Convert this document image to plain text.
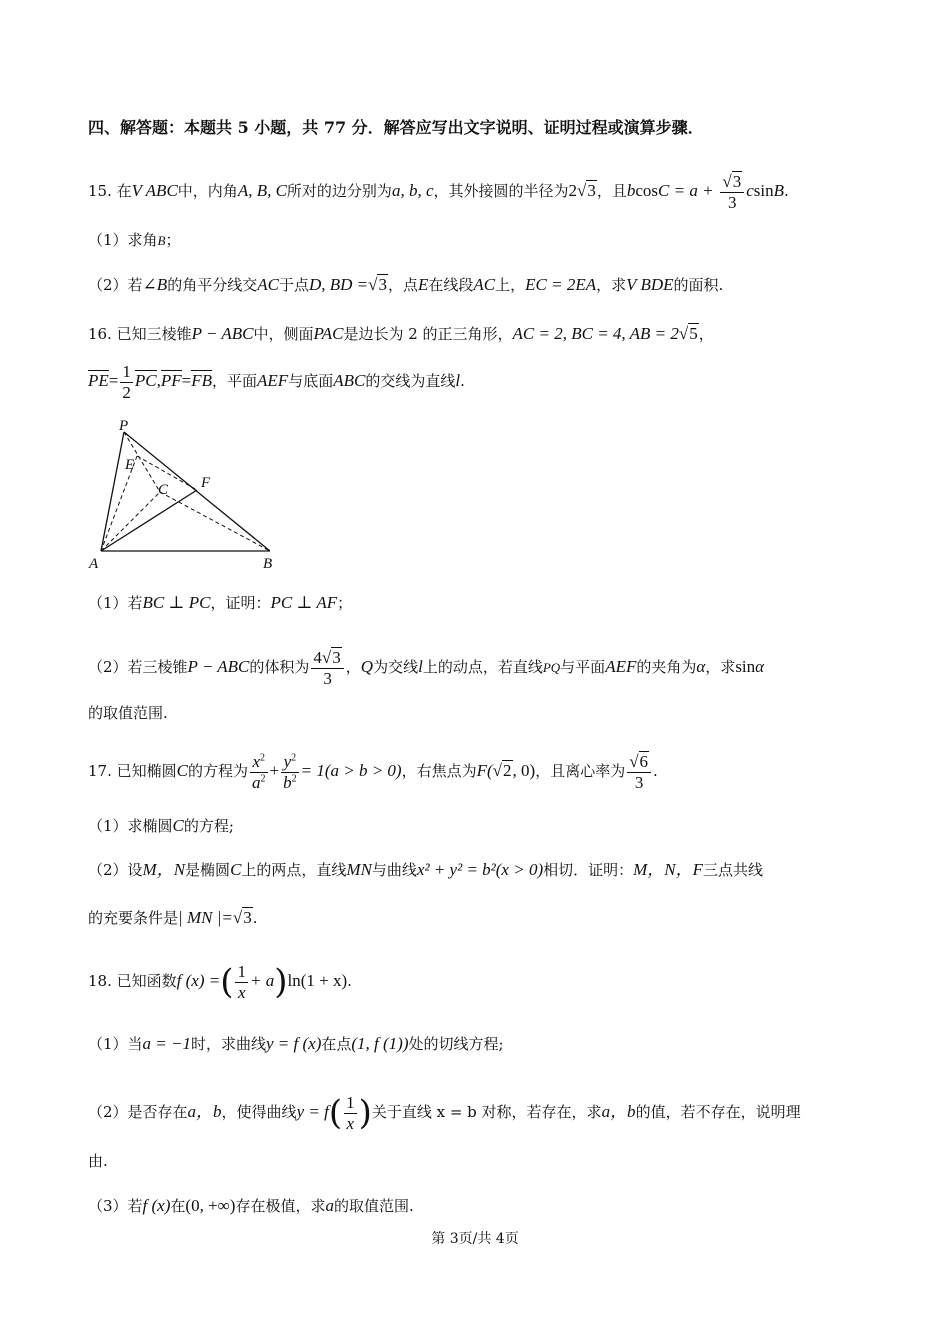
四、解答题：本题共 5 小题，共 77 分．解答应写出文字说明、证明过程或演算步骤．
15. 在V ABC中，内角A, B, C所对的边分别为a, b, c，其外接圆的半径为2√3，且$bcosC = a + \frac{√3}{3} csinB$.
（1）求角B；
（2）若∠B的角平分线交AC于点D, BD =√3，点E在线段AC上，EC = 2EA，求V BDE的面积.
16. 已知三棱锥P − ABC中，侧面PAC是边长为 2 的正三角形，AC = 2, BC = 4, AB = 2√5，
$PE= \frac{1}{2} PC,PF=FB$，平面AEF与底面ABC的交线为直线l.
P
E
C F
A	B
（1）若BC ⊥ PC，证明：PC ⊥ AF；
（2）若三棱锥P − ABC的体积为 $\frac{4√3}{3}$ ，Q为交线l上的动点，若直线PQ与平面AEF的夹角为α，求sinα
的取值范围.
17. 已知椭圆C的方程为 $\frac{x^2}{a^2} + \frac{y^2}{b^2} = 1(a > b > 0)$，右焦点为F(√2, 0)，且离心率为 $\frac{√6}{3}$ .
（1）求椭圆C的方程;
（2）设M，N是椭圆C上的两点，直线MN与曲线x² + y² = b²(x > 0)相切．证明：M，N，F三点共线
的充要条件是| MN |=√3.
18. 已知函数f (x) =( $\frac{1}{x} + a)\ln(1 + x)$.
（1）当a = −1时，求曲线y = f (x)在点(1, f (1))处的切线方程;
（2）是否存在a，b，使得曲线$y = f( \frac{1}{x}$ )关于直线 x = b 对称，若存在，求a，b的值，若不存在，说明理
由.
（3）若f (x)在(0, +∞)存在极值，求a的取值范围.
第 3页/共 4页
